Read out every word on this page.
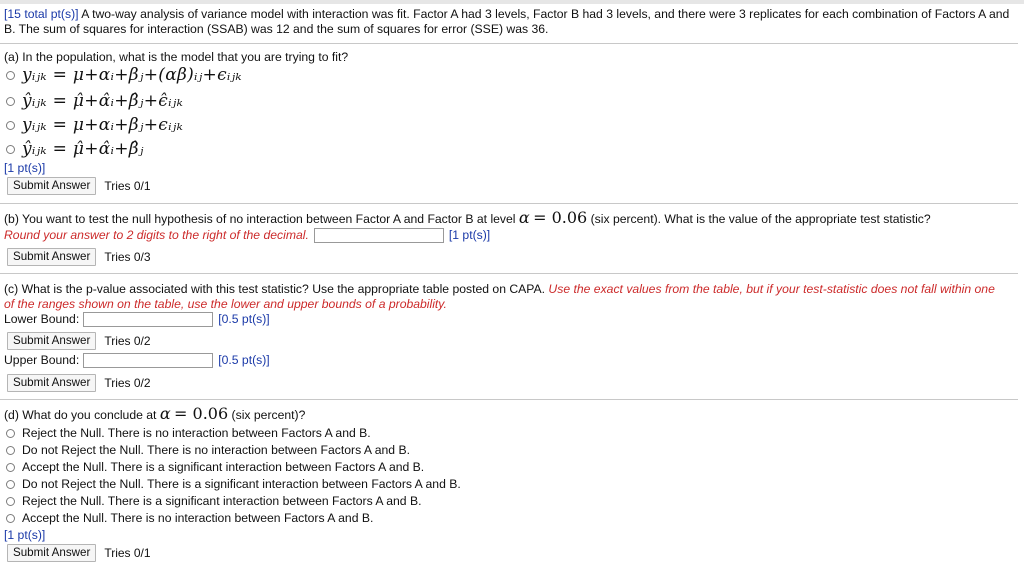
[15 total pt(s)] A two-way analysis of variance model with interaction was fit. Factor A had 3 levels, Factor B had 3 levels, and there were 3 replicates for each combination of Factors A and B. The sum of squares for interaction (SSAB) was 12 and the sum of squares for error (SSE) was 36.
(a) In the population, what is the model that you are trying to fit?
yᵢⱼₖ = μ+αᵢ+βⱼ+(αβ)ᵢⱼ+ϵᵢⱼₖ
ŷᵢⱼₖ = μ̂+α̂ᵢ+β̂ⱼ+ϵ̂ᵢⱼₖ
yᵢⱼₖ = μ+αᵢ+βⱼ+ϵᵢⱼₖ
ŷᵢⱼₖ = μ̂+α̂ᵢ+β̂ⱼ
[1 pt(s)]
Submit Answer	Tries 0/1
(b) You want to test the null hypothesis of no interaction between Factor A and Factor B at level α = 0.06 (six percent). What is the value of the appropriate test statistic?
Round your answer to 2 digits to the right of the decimal.	[1 pt(s)]
Submit Answer	Tries 0/3
(c) What is the p-value associated with this test statistic? Use the appropriate table posted on CAPA. Use the exact values from the table, but if your test-statistic does not fall within one of the ranges shown on the table, use the lower and upper bounds of a probability.
Lower Bound:	[0.5 pt(s)]
Submit Answer	Tries 0/2
Upper Bound:	[0.5 pt(s)]
Submit Answer	Tries 0/2
(d) What do you conclude at α = 0.06 (six percent)?
Reject the Null. There is no interaction between Factors A and B.
Do not Reject the Null. There is no interaction between Factors A and B.
Accept the Null. There is a significant interaction between Factors A and B.
Do not Reject the Null. There is a significant interaction between Factors A and B.
Reject the Null. There is a significant interaction between Factors A and B.
Accept the Null. There is no interaction between Factors A and B.
[1 pt(s)]
Submit Answer	Tries 0/1
